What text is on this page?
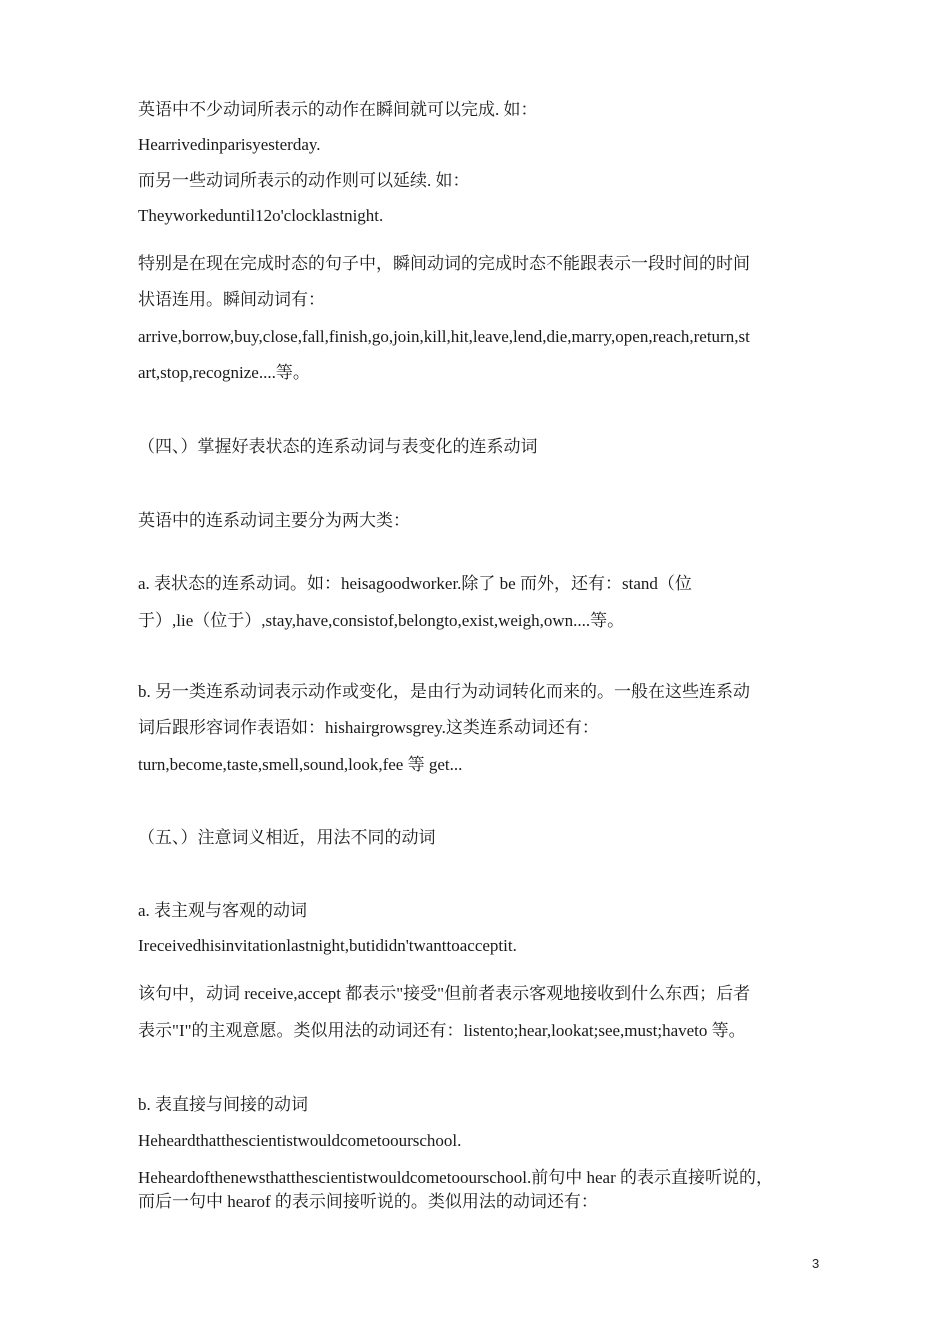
英语中不少动词所表示的动作在瞬间就可以完成. 如：
Hearrivedinparisyesterday.
而另一些动词所表示的动作则可以延续. 如：
Theyworkeduntil12o'clocklastnight.
特别是在现在完成时态的句子中，瞬间动词的完成时态不能跟表示一段时间的时间
状语连用。瞬间动词有：
arrive,borrow,buy,close,fall,finish,go,join,kill,hit,leave,lend,die,marry,open,reach,return,st
art,stop,recognize....等。
（四、）掌握好表状态的连系动词与表变化的连系动词
英语中的连系动词主要分为两大类：
a. 表状态的连系动词。如：heisagoodworker.除了 be 而外，还有：stand（位
于）,lie（位于）,stay,have,consistof,belongto,exist,weigh,own....等。
b. 另一类连系动词表示动作或变化，是由行为动词转化而来的。一般在这些连系动
词后跟形容词作表语如：hishairgrowsgrey.这类连系动词还有：
turn,become,taste,smell,sound,look,fee 等 get...
（五、）注意词义相近，用法不同的动词
a. 表主观与客观的动词
Ireceivedhisinvitationlastnight,butididn'twanttoacceptit.
该句中，动词 receive,accept 都表示"接受"但前者表示客观地接收到什么东西；后者
表示"I"的主观意愿。类似用法的动词还有：listento;hear,lookat;see,must;haveto 等。
b. 表直接与间接的动词
Heheardthatthescientistwouldcometoourschool.
Heheardofthenewsthatthescientistwouldcometoourschool.前句中 hear 的表示直接听说的，
而后一句中 hearof 的表示间接听说的。类似用法的动词还有：
3
